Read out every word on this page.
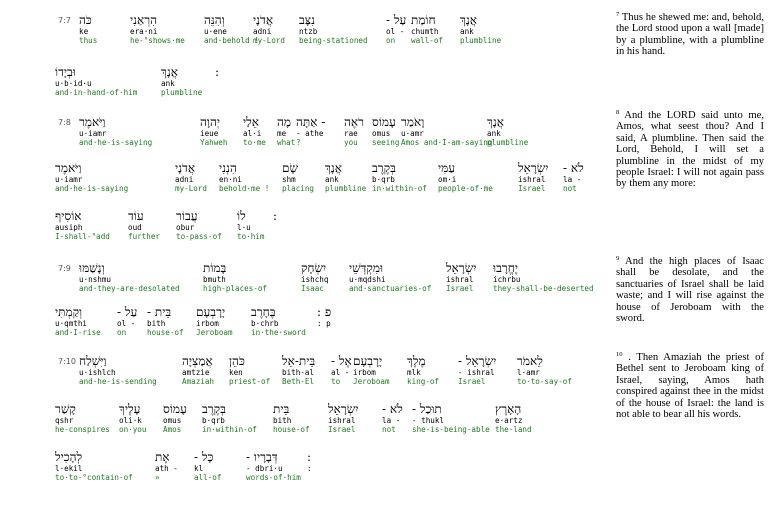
7:7 כֹּה
ke
thus
הִרְאַנִי
era·ni
he-°shows·me
וְהִנֵּה
u·ene
and·behold !
אֲדֹנָי
adni
my-Lord
נִצָּב
ntzb
being-stationed
עַל -
ol -
on
חוֹמַת
chumth
wall-of
אֲנָךְ
ank
plumbline
וּבְיָדוֹ
u·b·id·u
and-in-hand-of·him
אֲנָךְ
ank
plumbline
:
7:8 וַיֹּאמֶר
u·iamr
and·he-is-saying
יְהוָה
ieue
Yahweh
אֵלַי
al·i
to·me
מָה
me
what
- אַתָּה
- athe
?
רֹאֶה
rae
you
עָמוֹס
omus
seeing
וָאֹמַר
u·amr
Amos and·I-am-saying
אֲנָךְ
ank
plumbline
וַיֹּאמֶר
u·iamr
and·he-is-saying
אֲדֹנָי
adni
my-Lord
הִנְנִי
en·ni
behold·me !
שָׂם
shm
placing
אֲנָךְ
ank
plumbline
בְּקֶרֶב
b·qrb
in·within-of
עַמִּי
om·i
people-of·me
יִשְׂרָאֵל
ishral
Israel
לֹא -
la -
not
אוֹסִיף
ausiph
I-shall-°add
עוֹד
oud
further
עֲבוֹר
obur
to-pass-of
לוֹ
l·u
to·him
:
7:9 וְנָשַׁמּוּ
u·nshmu
and·they-are-desolated
בָּמוֹת
bmuth
high-places-of
יִשְׂחָק
ishchq
Isaac
וּמִקְדְּשֵׁי
u·mqdshi
and·sanctuaries-of
יִשְׂרָאֵל
ishral
Israel
יֶחֱרָבוּ
ichrbu
they-shall-be-deserted
וְקַמְתִּי
u·qmthi
and·I-rise
עַל -
ol -
on
בֵּית -
bith
house-of
יָרָבְעָם
irbom
Jeroboam
בֶּחָרֶב
b·chrb
in·the·sword
פ :
: p
7:10 וַיִּשְׁלַח
u·ishlch
and·he-is-sending
אֲמַצְיָה
amtzie
Amaziah
כֹּהֵן
ken
priest-of
בֵּית-אֵל
bith-al
Beth-El
אֶל -
al -
to
יָרָבְעָם
irbom
Jeroboam
מֶלֶךְ
mlk
king-of
יִשְׂרָאֵל -
- ishral
Israel
לֵאמֹר
l·amr
to·to-say-of
קָשַׁר
qshr
he-conspires
עָלֶיךָ
oli·k
on·you
עָמוֹס
omus
Amos
בְּקֶרֶב
b·qrb
in·within-of
בֵּית
bith
house-of
יִשְׂרָאֵל
ishral
Israel
לֹא -
la -
not
תוּכַל -
- thukl
she-is-being-able
הָאָרֶץ
e·artz
the·land
לְהָכִיל
l·ekil
to·to-°contain-of
אֶת
ath -
»
כָּל -
kl
all-of
דְּבָרָיו -
- dbri·u
words-of·him
:
:

$^7$ Thus he shewed me: and, behold, the Lord stood upon a wall [made] by a plumbline, with a plumbline in his hand.

$^8$ And the LORD said unto me, Amos, what seest thou? And I said, A plumbline. Then said the Lord, Behold, I will set a plumbline in the midst of my people Israel: I will not again pass by them any more:

$^9$ And the high places of Isaac shall be desolate, and the sanctuaries of Israel shall be laid waste; and I will rise against the house of Jeroboam with the sword.

$^{10}$ . Then Amaziah the priest of Bethel sent to Jeroboam king of Israel, saying, Amos hath conspired against thee in the midst of the house of Israel: the land is not able to bear all his words.
